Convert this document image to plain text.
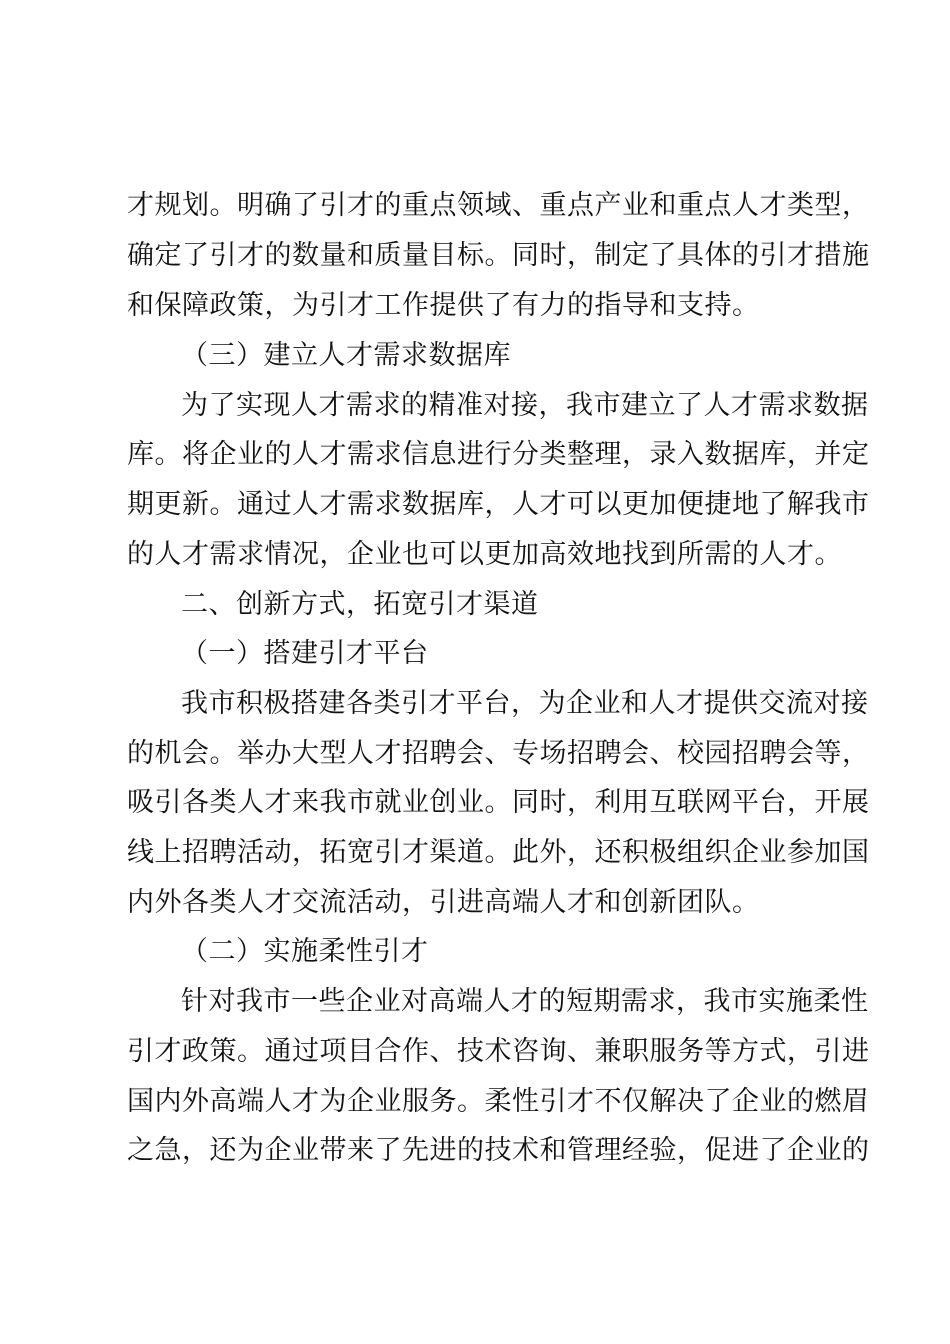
才规划。明确了引才的重点领域、重点产业和重点人才类型，
确定了引才的数量和质量目标。同时，制定了具体的引才措施
和保障政策，为引才工作提供了有力的指导和支持。
（三）建立人才需求数据库
为了实现人才需求的精准对接，我市建立了人才需求数据
库。将企业的人才需求信息进行分类整理，录入数据库，并定
期更新。通过人才需求数据库，人才可以更加便捷地了解我市
的人才需求情况，企业也可以更加高效地找到所需的人才。
二、创新方式，拓宽引才渠道
（一）搭建引才平台
我市积极搭建各类引才平台，为企业和人才提供交流对接
的机会。举办大型人才招聘会、专场招聘会、校园招聘会等，
吸引各类人才来我市就业创业。同时，利用互联网平台，开展
线上招聘活动，拓宽引才渠道。此外，还积极组织企业参加国
内外各类人才交流活动，引进高端人才和创新团队。
（二）实施柔性引才
针对我市一些企业对高端人才的短期需求，我市实施柔性
引才政策。通过项目合作、技术咨询、兼职服务等方式，引进
国内外高端人才为企业服务。柔性引才不仅解决了企业的燃眉
之急，还为企业带来了先进的技术和管理经验，促进了企业的
